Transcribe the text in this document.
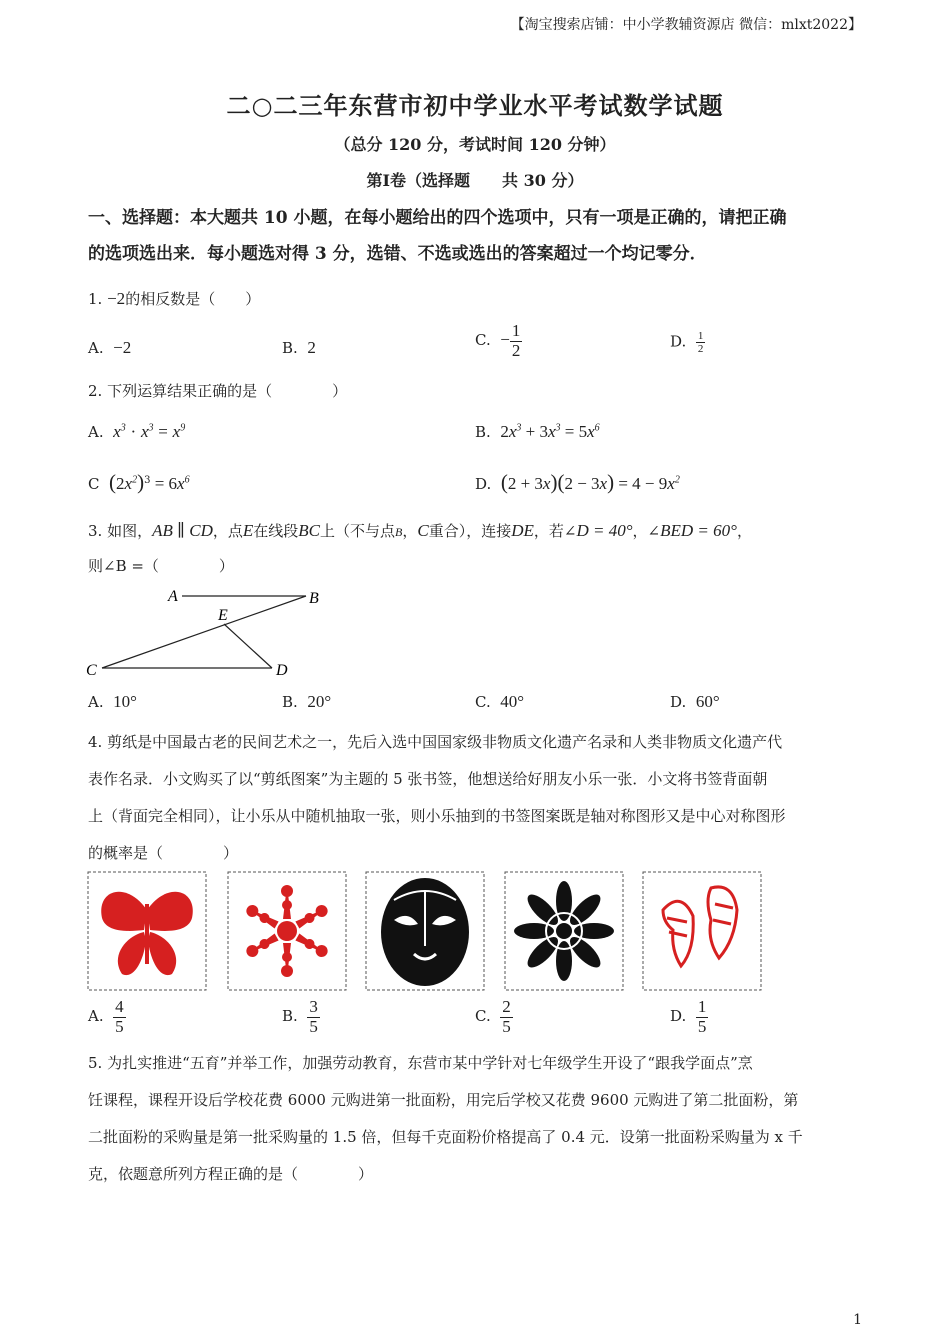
【淘宝搜索店铺：中小学教辅资源店 微信：mlxt2022】
二○二三年东营市初中学业水平考试数学试题
（总分 120 分，考试时间 120 分钟）
第Ⅰ卷（选择题　　共 30 分）
一、选择题：本大题共 10 小题，在每小题给出的四个选项中，只有一项是正确的，请把正确
的选项选出来．每小题选对得 3 分，选错、不选或选出的答案超过一个均记零分．
1. −2的相反数是（　　）
A. −2	B. 2	C. − $\frac{1}{2}$	D. $\frac{1}{2}$
2. 下列运算结果正确的是（　　　　）
A. $x^3 \cdot x^3 = x^9$	B. $2x^3 + 3x^3 = 5x^6$
C $(2x^2)^3 = 6x^6$	D. $(2 + 3x)(2 - 3x) = 4 - 9x^2$
3. 如图，AB ∥ CD，点E在线段BC上（不与点B，C重合），连接DE，若∠D = 40°，∠BED = 60°，
则∠B =（　　　　）
A	B
E
C	D
A. 10°	B. 20°	C. 40°	D. 60°
4. 剪纸是中国最古老的民间艺术之一，先后入选中国国家级非物质文化遗产名录和人类非物质文化遗产代
表作名录．小文购买了以“剪纸图案”为主题的 5 张书签，他想送给好朋友小乐一张．小文将书签背面朝
上（背面完全相同），让小乐从中随机抽取一张，则小乐抽到的书签图案既是轴对称图形又是中心对称图形
的概率是（　　　　）
A. $\frac{4}{5}$	B. $\frac{3}{5}$	C. $\frac{2}{5}$	D. $\frac{1}{5}$
5. 为扎实推进“五育”并举工作，加强劳动教育，东营市某中学针对七年级学生开设了“跟我学面点”烹
饪课程，课程开设后学校花费 6000 元购进第一批面粉，用完后学校又花费 9600 元购进了第二批面粉，第
二批面粉的采购量是第一批采购量的 1.5 倍，但每千克面粉价格提高了 0.4 元．设第一批面粉采购量为 x 千
克，依题意所列方程正确的是（　　　　）
1
